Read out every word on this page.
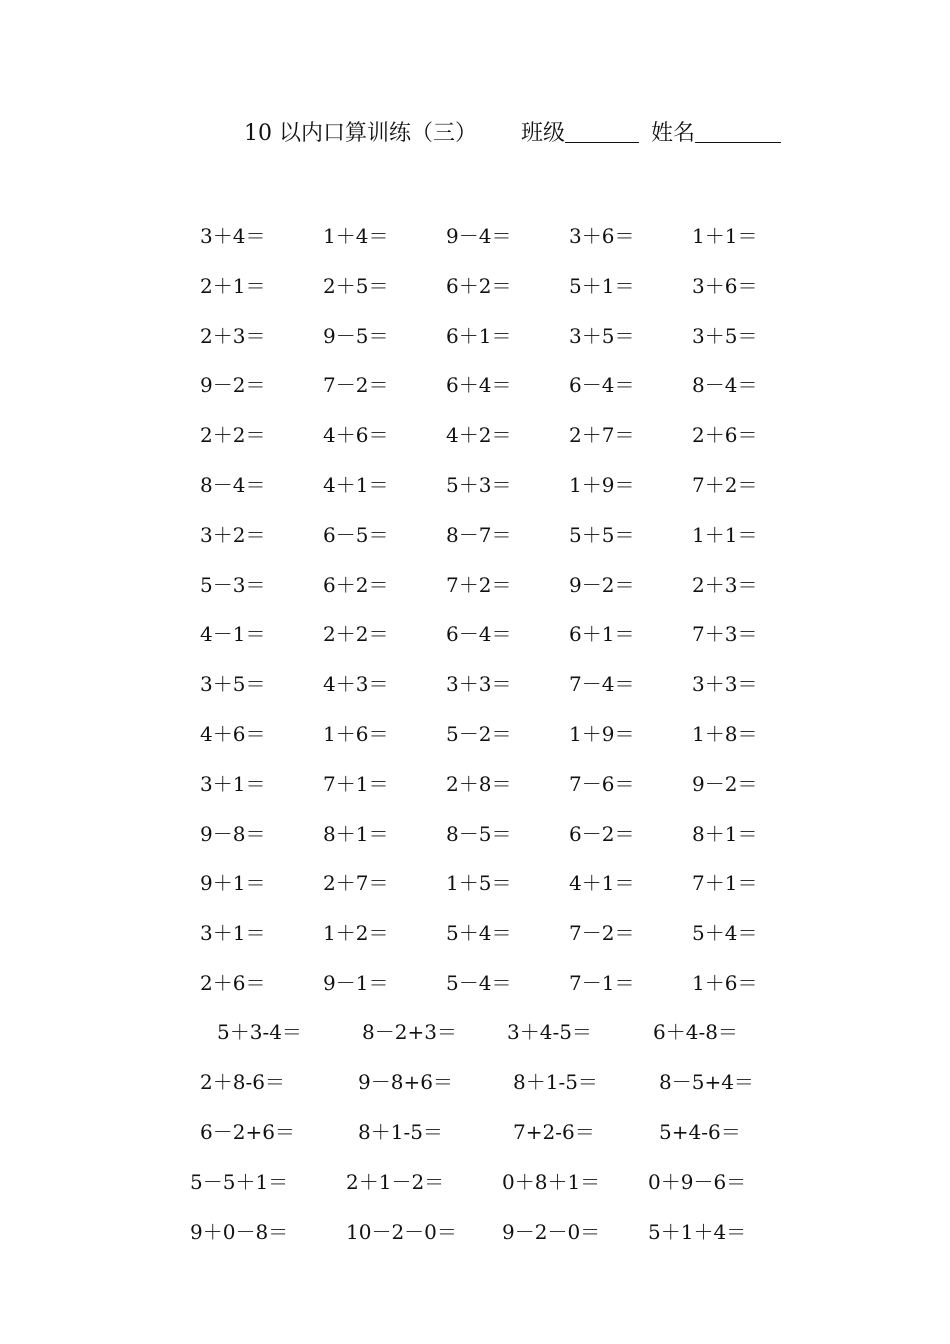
10 以内口算训练（三） 班级	姓名
3＋4＝	1＋4＝	9－4＝	3＋6＝	1＋1＝
2＋1＝	2＋5＝	6＋2＝	5＋1＝	3＋6＝
2＋3＝	9－5＝	6＋1＝	3＋5＝	3＋5＝
9－2＝	7－2＝	6＋4＝	6－4＝	8－4＝
2＋2＝	4＋6＝	4＋2＝	2＋7＝	2＋6＝
8－4＝	4＋1＝	5＋3＝	1＋9＝	7＋2＝
3＋2＝	6－5＝	8－7＝	5＋5＝	1＋1＝
5－3＝	6＋2＝	7＋2＝	9－2＝	2＋3＝
4－1＝	2＋2＝	6－4＝	6＋1＝	7＋3＝
3＋5＝	4＋3＝	3＋3＝	7－4＝	3＋3＝
4＋6＝	1＋6＝	5－2＝	1＋9＝	1＋8＝
3＋1＝	7＋1＝	2＋8＝	7－6＝	9－2＝
9－8＝	8＋1＝	8－5＝	6－2＝	8＋1＝
9＋1＝	2＋7＝	1＋5＝	4＋1＝	7＋1＝
3＋1＝	1＋2＝	5＋4＝	7－2＝	5＋4＝
2＋6＝	9－1＝	5－4＝	7－1＝	1＋6＝
5＋3-4＝	8－2+3＝	3＋4-5＝	6＋4-8＝
2＋8-6＝	9－8+6＝	8＋1-5＝	8－5+4＝
6－2+6＝	8＋1-5＝	7+2-6＝	5+4-6＝
5－5＋1＝	2＋1－2＝	0＋8＋1＝ 0＋9－6＝
9＋0－8＝	10－2－0＝ 9－2－0＝ 5＋1＋4＝
